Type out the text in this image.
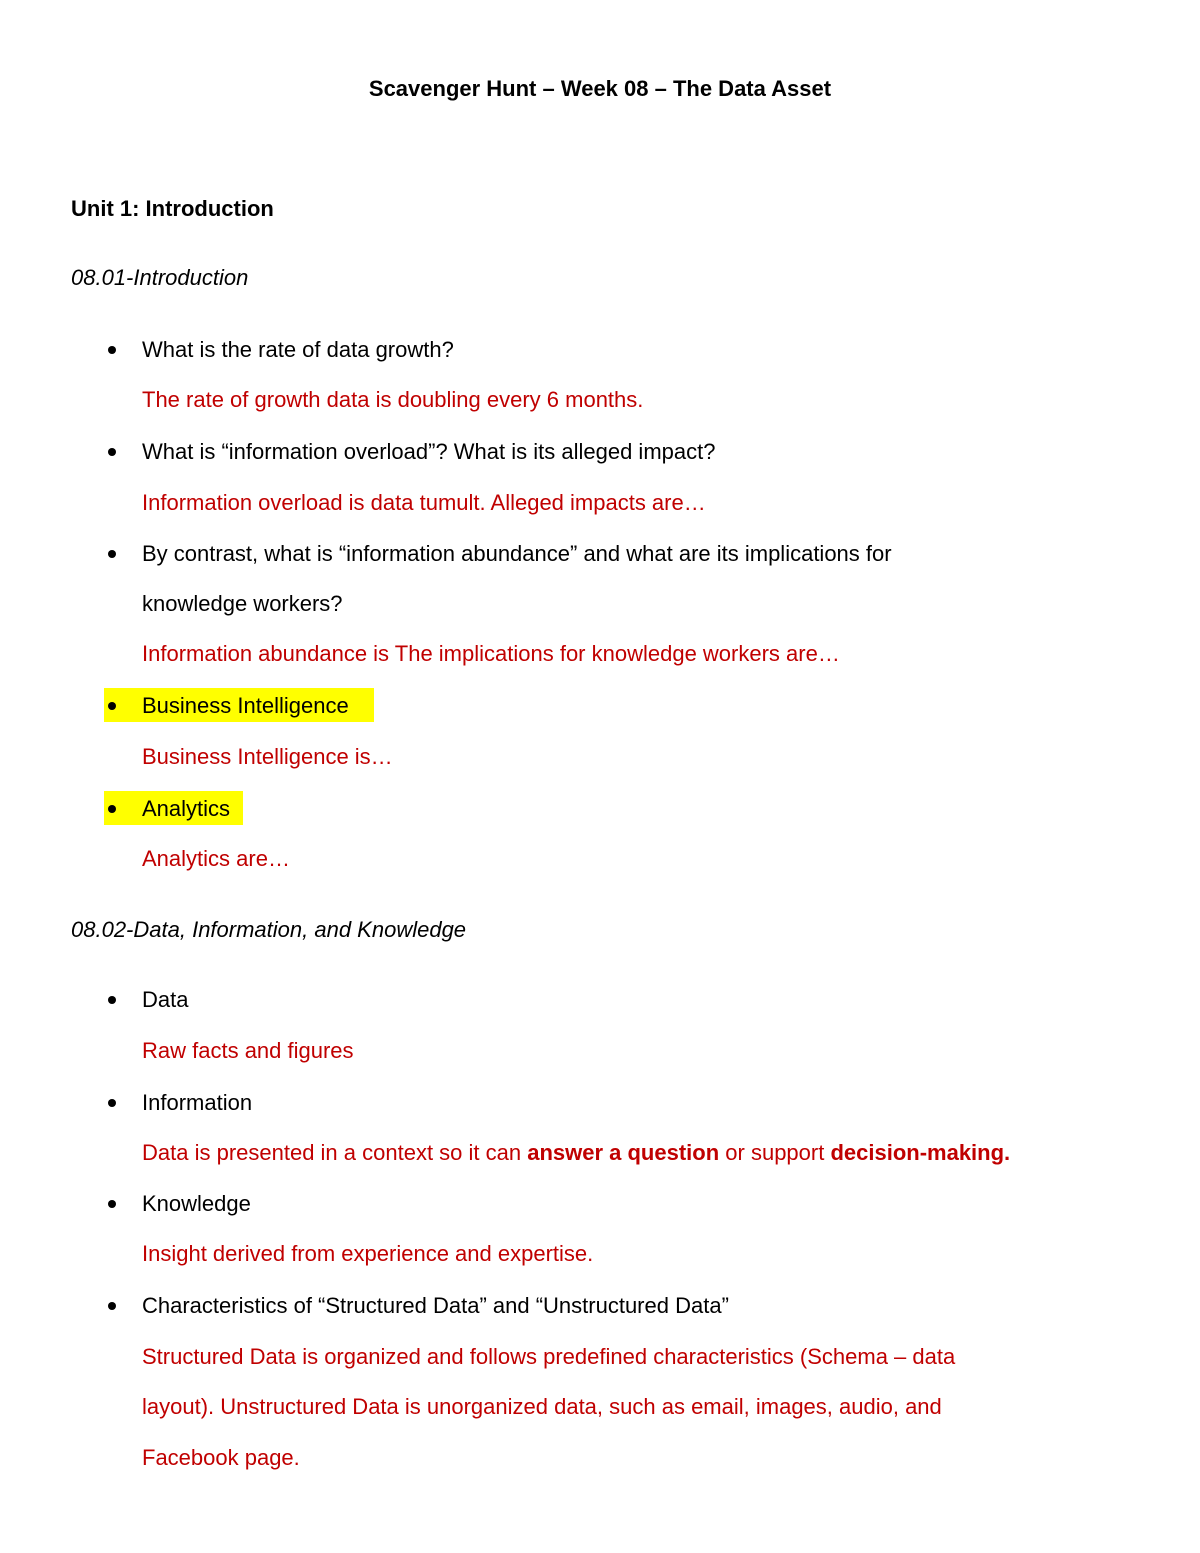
Scavenger Hunt – Week 08 – The Data Asset
Unit 1: Introduction
08.01-Introduction
What is the rate of data growth?
The rate of growth data is doubling every 6 months.
What is “information overload”? What is its alleged impact?
Information overload is data tumult. Alleged impacts are…
By contrast, what is “information abundance” and what are its implications for
knowledge workers?
Information abundance is The implications for knowledge workers are…
Business Intelligence
Business Intelligence is…
Analytics
Analytics are…
08.02-Data, Information, and Knowledge
Data
Raw facts and figures
Information
Data is presented in a context so it can answer a question or support decision-making.
Knowledge
Insight derived from experience and expertise.
Characteristics of “Structured Data” and “Unstructured Data”
Structured Data is organized and follows predefined characteristics (Schema – data
layout). Unstructured Data is unorganized data, such as email, images, audio, and
Facebook page.
